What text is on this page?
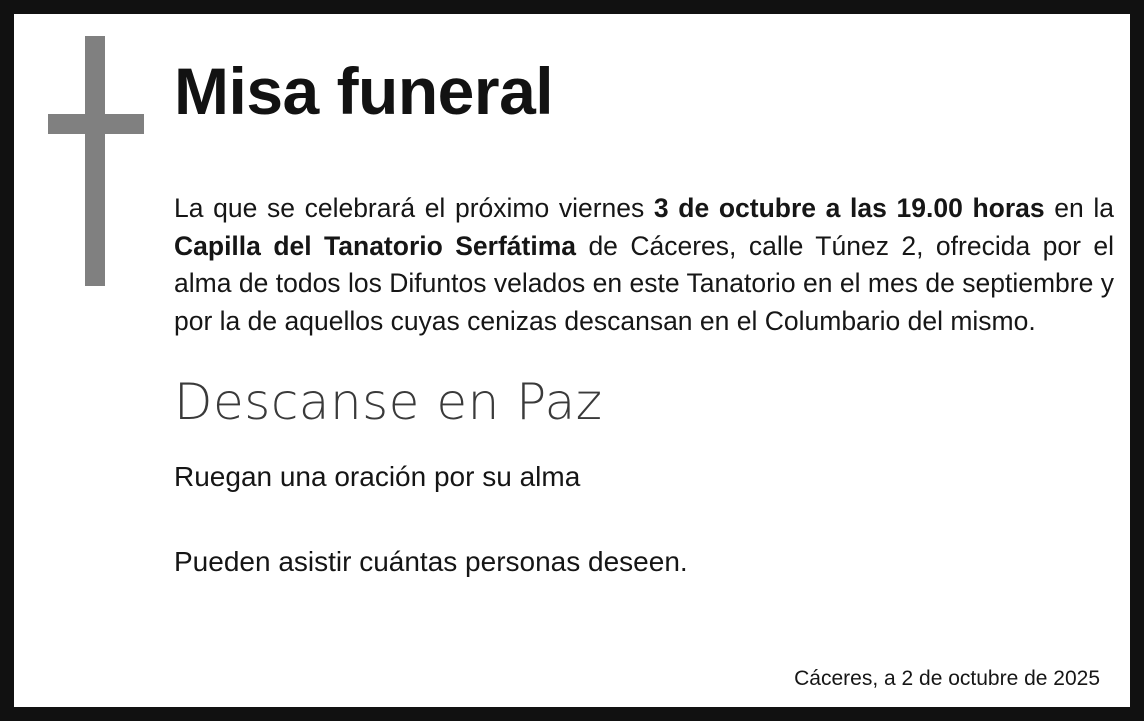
Misa funeral

La que se celebrará el próximo viernes 3 de octubre a las 19.00 horas en la Capilla del Tanatorio Serfátima de Cáceres, calle Túnez 2, ofrecida por el alma de todos los Difuntos velados en este Tanatorio en el mes de septiembre y por la de aquellos cuyas cenizas descansan en el Columbario del mismo.

Descanse en Paz
Ruegan una oración por su alma
Pueden asistir cuántas personas deseen.
Cáceres, a 2 de octubre de 2025
